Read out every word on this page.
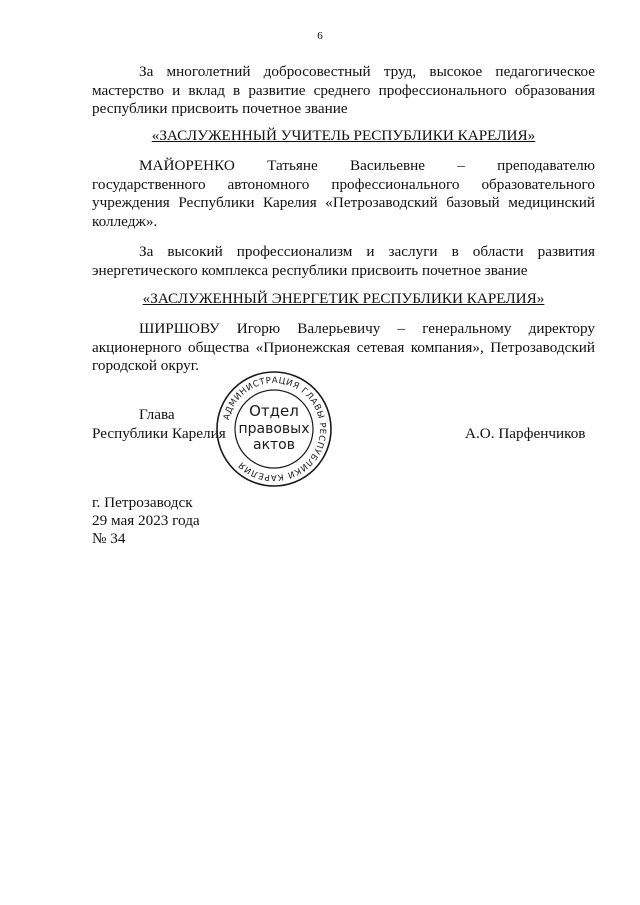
6
За многолетний добросовестный труд, высокое педагогическое мастерство и вклад в развитие среднего профессионального образования республики присвоить почетное звание
«ЗАСЛУЖЕННЫЙ УЧИТЕЛЬ РЕСПУБЛИКИ КАРЕЛИЯ»
МАЙОРЕНКО Татьяне Васильевне – преподавателю государственного автономного профессионального образовательного учреждения Республики Карелия «Петрозаводский базовый медицинский колледж».
За высокий профессионализм и заслуги в области развития энергетического комплекса республики присвоить почетное звание
«ЗАСЛУЖЕННЫЙ ЭНЕРГЕТИК РЕСПУБЛИКИ КАРЕЛИЯ»
ШИРШОВУ Игорю Валерьевичу – генеральному директору акционерного общества «Прионежская сетевая компания», Петрозаводский городской округ.
Глава
Республики Карелия	А.О. Парфенчиков
АДМИНИСТРАЦИЯ ГЛАВЫ РЕСПУБЛИКИ КАРЕЛИЯ
Отдел
правовых
актов
г. Петрозаводск
29 мая 2023 года
№ 34
